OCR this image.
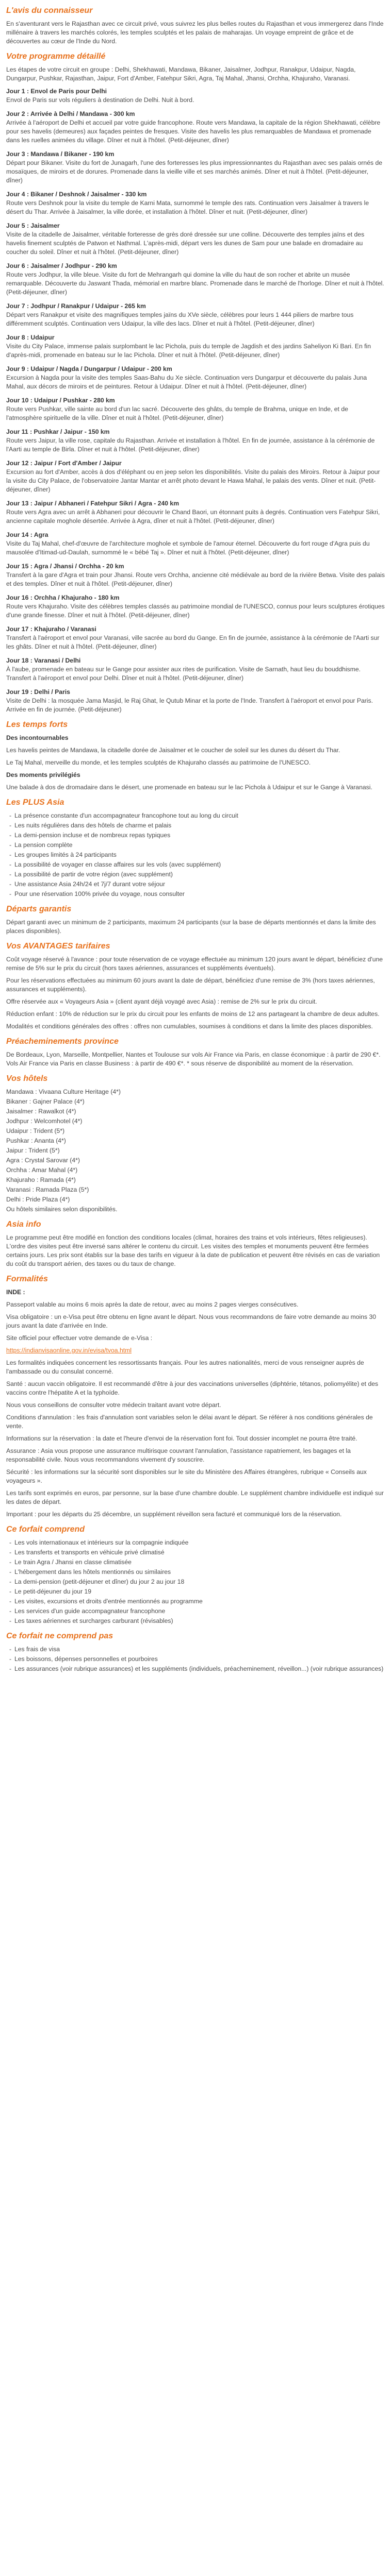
L'avis du connaisseur

En s'aventurant vers le Rajasthan avec ce circuit privé, vous suivrez les plus belles routes du Rajasthan et vous immergerez dans l'Inde millénaire à travers les marchés colorés, les temples sculptés et les palais de maharajas. Un voyage empreint de grâce et de découvertes au cœur de l'Inde du Nord.

Votre programme détaillé

Les étapes de votre circuit en groupe : Delhi, Shekhawati, Mandawa, Bikaner, Jaisalmer, Jodhpur, Ranakpur, Udaipur, Nagda, Dungarpur, Pushkar, Rajasthan, Jaipur, Fort d'Amber, Fatehpur Sikri, Agra, Taj Mahal, Jhansi, Orchha, Khajuraho, Varanasi.

Jour 1 : Envol de Paris pour Delhi
Envol de Paris sur vols réguliers à destination de Delhi. Nuit à bord.
Jour 2 : Arrivée à Delhi / Mandawa - 300 km
Arrivée à l'aéroport de Delhi et accueil par votre guide francophone. Route vers Mandawa, la capitale de la région Shekhawati, célèbre pour ses havelis (demeures) aux façades peintes de fresques. Visite des havelis les plus remarquables de Mandawa et promenade dans les ruelles animées du village. Dîner et nuit à l'hôtel. (Petit-déjeuner, dîner)
Jour 3 : Mandawa / Bikaner - 190 km
Départ pour Bikaner. Visite du fort de Junagarh, l'une des forteresses les plus impressionnantes du Rajasthan avec ses palais ornés de mosaïques, de miroirs et de dorures. Promenade dans la vieille ville et ses marchés animés. Dîner et nuit à l'hôtel. (Petit-déjeuner, dîner)
Jour 4 : Bikaner / Deshnok / Jaisalmer - 330 km
Route vers Deshnok pour la visite du temple de Karni Mata, surnommé le temple des rats. Continuation vers Jaisalmer à travers le désert du Thar. Arrivée à Jaisalmer, la ville dorée, et installation à l'hôtel. Dîner et nuit. (Petit-déjeuner, dîner)
Jour 5 : Jaisalmer
Visite de la citadelle de Jaisalmer, véritable forteresse de grès doré dressée sur une colline. Découverte des temples jaïns et des havelis finement sculptés de Patwon et Nathmal. L'après-midi, départ vers les dunes de Sam pour une balade en dromadaire au coucher du soleil. Dîner et nuit à l'hôtel. (Petit-déjeuner, dîner)
Jour 6 : Jaisalmer / Jodhpur - 290 km
Route vers Jodhpur, la ville bleue. Visite du fort de Mehrangarh qui domine la ville du haut de son rocher et abrite un musée remarquable. Découverte du Jaswant Thada, mémorial en marbre blanc. Promenade dans le marché de l'horloge. Dîner et nuit à l'hôtel. (Petit-déjeuner, dîner)
Jour 7 : Jodhpur / Ranakpur / Udaipur - 265 km
Départ vers Ranakpur et visite des magnifiques temples jaïns du XVe siècle, célèbres pour leurs 1 444 piliers de marbre tous différemment sculptés. Continuation vers Udaipur, la ville des lacs. Dîner et nuit à l'hôtel. (Petit-déjeuner, dîner)
Jour 8 : Udaipur
Visite du City Palace, immense palais surplombant le lac Pichola, puis du temple de Jagdish et des jardins Saheliyon Ki Bari. En fin d'après-midi, promenade en bateau sur le lac Pichola. Dîner et nuit à l'hôtel. (Petit-déjeuner, dîner)
Jour 9 : Udaipur / Nagda / Dungarpur / Udaipur - 200 km
Excursion à Nagda pour la visite des temples Saas-Bahu du Xe siècle. Continuation vers Dungarpur et découverte du palais Juna Mahal, aux décors de miroirs et de peintures. Retour à Udaipur. Dîner et nuit à l'hôtel. (Petit-déjeuner, dîner)
Jour 10 : Udaipur / Pushkar - 280 km
Route vers Pushkar, ville sainte au bord d'un lac sacré. Découverte des ghâts, du temple de Brahma, unique en Inde, et de l'atmosphère spirituelle de la ville. Dîner et nuit à l'hôtel. (Petit-déjeuner, dîner)
Jour 11 : Pushkar / Jaipur - 150 km
Route vers Jaipur, la ville rose, capitale du Rajasthan. Arrivée et installation à l'hôtel. En fin de journée, assistance à la cérémonie de l'Aarti au temple de Birla. Dîner et nuit à l'hôtel. (Petit-déjeuner, dîner)
Jour 12 : Jaipur / Fort d'Amber / Jaipur
Excursion au fort d'Amber, accès à dos d'éléphant ou en jeep selon les disponibilités. Visite du palais des Miroirs. Retour à Jaipur pour la visite du City Palace, de l'observatoire Jantar Mantar et arrêt photo devant le Hawa Mahal, le palais des vents. Dîner et nuit. (Petit-déjeuner, dîner)
Jour 13 : Jaipur / Abhaneri / Fatehpur Sikri / Agra - 240 km
Route vers Agra avec un arrêt à Abhaneri pour découvrir le Chand Baori, un étonnant puits à degrés. Continuation vers Fatehpur Sikri, ancienne capitale moghole désertée. Arrivée à Agra, dîner et nuit à l'hôtel. (Petit-déjeuner, dîner)
Jour 14 : Agra
Visite du Taj Mahal, chef-d'œuvre de l'architecture moghole et symbole de l'amour éternel. Découverte du fort rouge d'Agra puis du mausolée d'Itimad-ud-Daulah, surnommé le « bébé Taj ». Dîner et nuit à l'hôtel. (Petit-déjeuner, dîner)
Jour 15 : Agra / Jhansi / Orchha - 20 km
Transfert à la gare d'Agra et train pour Jhansi. Route vers Orchha, ancienne cité médiévale au bord de la rivière Betwa. Visite des palais et des temples. Dîner et nuit à l'hôtel. (Petit-déjeuner, dîner)
Jour 16 : Orchha / Khajuraho - 180 km
Route vers Khajuraho. Visite des célèbres temples classés au patrimoine mondial de l'UNESCO, connus pour leurs sculptures érotiques d'une grande finesse. Dîner et nuit à l'hôtel. (Petit-déjeuner, dîner)
Jour 17 : Khajuraho / Varanasi
Transfert à l'aéroport et envol pour Varanasi, ville sacrée au bord du Gange. En fin de journée, assistance à la cérémonie de l'Aarti sur les ghâts. Dîner et nuit à l'hôtel. (Petit-déjeuner, dîner)
Jour 18 : Varanasi / Delhi
À l'aube, promenade en bateau sur le Gange pour assister aux rites de purification. Visite de Sarnath, haut lieu du bouddhisme. Transfert à l'aéroport et envol pour Delhi. Dîner et nuit à l'hôtel. (Petit-déjeuner, dîner)
Jour 19 : Delhi / Paris
Visite de Delhi : la mosquée Jama Masjid, le Raj Ghat, le Qutub Minar et la porte de l'Inde. Transfert à l'aéroport et envol pour Paris. Arrivée en fin de journée. (Petit-déjeuner)
Les temps forts

Des incontournables

Les havelis peintes de Mandawa, la citadelle dorée de Jaisalmer et le coucher de soleil sur les dunes du désert du Thar.

Le Taj Mahal, merveille du monde, et les temples sculptés de Khajuraho classés au patrimoine de l'UNESCO.

Des moments privilégiés

Une balade à dos de dromadaire dans le désert, une promenade en bateau sur le lac Pichola à Udaipur et sur le Gange à Varanasi.

Les PLUS Asia
- La présence constante d'un accompagnateur francophone tout au long du circuit
- Les nuits régulières dans des hôtels de charme et palais
- La demi-pension incluse et de nombreux repas typiques
- La pension complète
- Les groupes limités à 24 participants
- La possibilité de voyager en classe affaires sur les vols (avec supplément)
- La possibilité de partir de votre région (avec supplément)
- Une assistance Asia 24h/24 et 7j/7 durant votre séjour
- Pour une réservation 100% privée du voyage, nous consulter
Départs garantis

Départ garanti avec un minimum de 2 participants, maximum 24 participants (sur la base de départs mentionnés et dans la limite des places disponibles).

Vos AVANTAGES tarifaires

Coût voyage réservé à l'avance : pour toute réservation de ce voyage effectuée au minimum 120 jours avant le départ, bénéficiez d'une remise de 5% sur le prix du circuit (hors taxes aériennes, assurances et suppléments éventuels).

Pour les réservations effectuées au minimum 60 jours avant la date de départ, bénéficiez d'une remise de 3% (hors taxes aériennes, assurances et suppléments).

Offre réservée aux « Voyageurs Asia » (client ayant déjà voyagé avec Asia) : remise de 2% sur le prix du circuit.

Réduction enfant : 10% de réduction sur le prix du circuit pour les enfants de moins de 12 ans partageant la chambre de deux adultes.

Modalités et conditions générales des offres : offres non cumulables, soumises à conditions et dans la limite des places disponibles.

Préacheminements province

De Bordeaux, Lyon, Marseille, Montpellier, Nantes et Toulouse sur vols Air France via Paris, en classe économique : à partir de 290 €*. Vols Air France via Paris en classe Business : à partir de 490 €*. * sous réserve de disponibilité au moment de la réservation.

Vos hôtels

Mandawa : Vivaana Culture Heritage (4*)

Bikaner : Gajner Palace (4*)

Jaisalmer : Rawalkot (4*)

Jodhpur : Welcomhotel (4*)

Udaipur : Trident (5*)

Pushkar : Ananta (4*)

Jaipur : Trident (5*)

Agra : Crystal Sarovar (4*)

Orchha : Amar Mahal (4*)

Khajuraho : Ramada (4*)

Varanasi : Ramada Plaza (5*)

Delhi : Pride Plaza (4*)

Ou hôtels similaires selon disponibilités.

Asia info

Le programme peut être modifié en fonction des conditions locales (climat, horaires des trains et vols intérieurs, fêtes religieuses). L'ordre des visites peut être inversé sans altérer le contenu du circuit. Les visites des temples et monuments peuvent être fermées certains jours. Les prix sont établis sur la base des tarifs en vigueur à la date de publication et peuvent être révisés en cas de variation du coût du transport aérien, des taxes ou du taux de change.

Formalités

INDE :

Passeport valable au moins 6 mois après la date de retour, avec au moins 2 pages vierges consécutives.

Visa obligatoire : un e-Visa peut être obtenu en ligne avant le départ. Nous vous recommandons de faire votre demande au moins 30 jours avant la date d'arrivée en Inde.

Site officiel pour effectuer votre demande de e-Visa :

https://indianvisaonline.gov.in/evisa/tvoa.html

Les formalités indiquées concernent les ressortissants français. Pour les autres nationalités, merci de vous renseigner auprès de l'ambassade ou du consulat concerné.

Santé : aucun vaccin obligatoire. Il est recommandé d'être à jour des vaccinations universelles (diphtérie, tétanos, poliomyélite) et des vaccins contre l'hépatite A et la typhoïde.

Nous vous conseillons de consulter votre médecin traitant avant votre départ.

Conditions d'annulation : les frais d'annulation sont variables selon le délai avant le départ. Se référer à nos conditions générales de vente.

Informations sur la réservation : la date et l'heure d'envoi de la réservation font foi. Tout dossier incomplet ne pourra être traité.

Assurance : Asia vous propose une assurance multirisque couvrant l'annulation, l'assistance rapatriement, les bagages et la responsabilité civile. Nous vous recommandons vivement d'y souscrire.

Sécurité : les informations sur la sécurité sont disponibles sur le site du Ministère des Affaires étrangères, rubrique « Conseils aux voyageurs ».

Les tarifs sont exprimés en euros, par personne, sur la base d'une chambre double. Le supplément chambre individuelle est indiqué sur les dates de départ.

Important : pour les départs du 25 décembre, un supplément réveillon sera facturé et communiqué lors de la réservation.

Ce forfait comprend
- Les vols internationaux et intérieurs sur la compagnie indiquée
- Les transferts et transports en véhicule privé climatisé
- Le train Agra / Jhansi en classe climatisée
- L'hébergement dans les hôtels mentionnés ou similaires
- La demi-pension (petit-déjeuner et dîner) du jour 2 au jour 18
- Le petit-déjeuner du jour 19
- Les visites, excursions et droits d'entrée mentionnés au programme
- Les services d'un guide accompagnateur francophone
- Les taxes aériennes et surcharges carburant (révisables)
Ce forfait ne comprend pas
- Les frais de visa
- Les boissons, dépenses personnelles et pourboires
- Les assurances (voir rubrique assurances) et les suppléments (individuels, préacheminement, réveillon...) (voir rubrique assurances)
